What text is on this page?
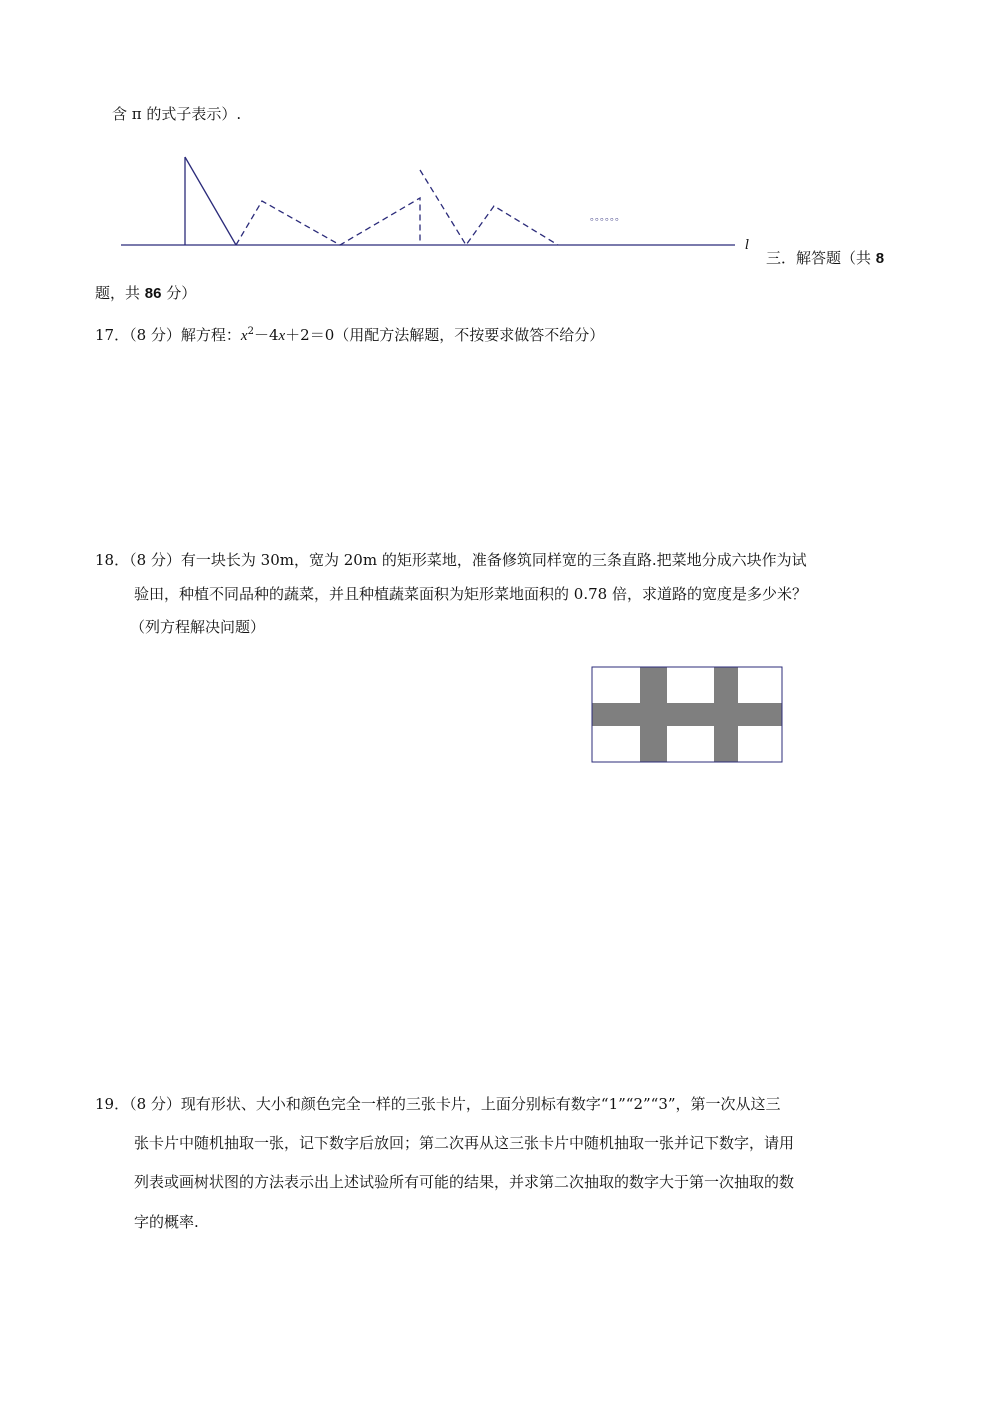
含 π 的式子表示）.
。。。。。。
l
三．解答题（共 8
题，共 86 分）
17．（8 分）解方程：$x^2-4x+2=0$（用配方法解题，不按要求做答不给分）
18．（8 分）有一块长为 30m，宽为 20m 的矩形菜地，准备修筑同样宽的三条直路.把菜地分成六块作为试
验田，种植不同品种的蔬菜，并且种植蔬菜面积为矩形菜地面积的 0.78 倍，求道路的宽度是多少米？
（列方程解决问题）
19．（8 分）现有形状、大小和颜色完全一样的三张卡片，上面分别标有数字“1”“2”“3”，第一次从这三
张卡片中随机抽取一张，记下数字后放回；第二次再从这三张卡片中随机抽取一张并记下数字，请用
列表或画树状图的方法表示出上述试验所有可能的结果，并求第二次抽取的数字大于第一次抽取的数
字的概率.
